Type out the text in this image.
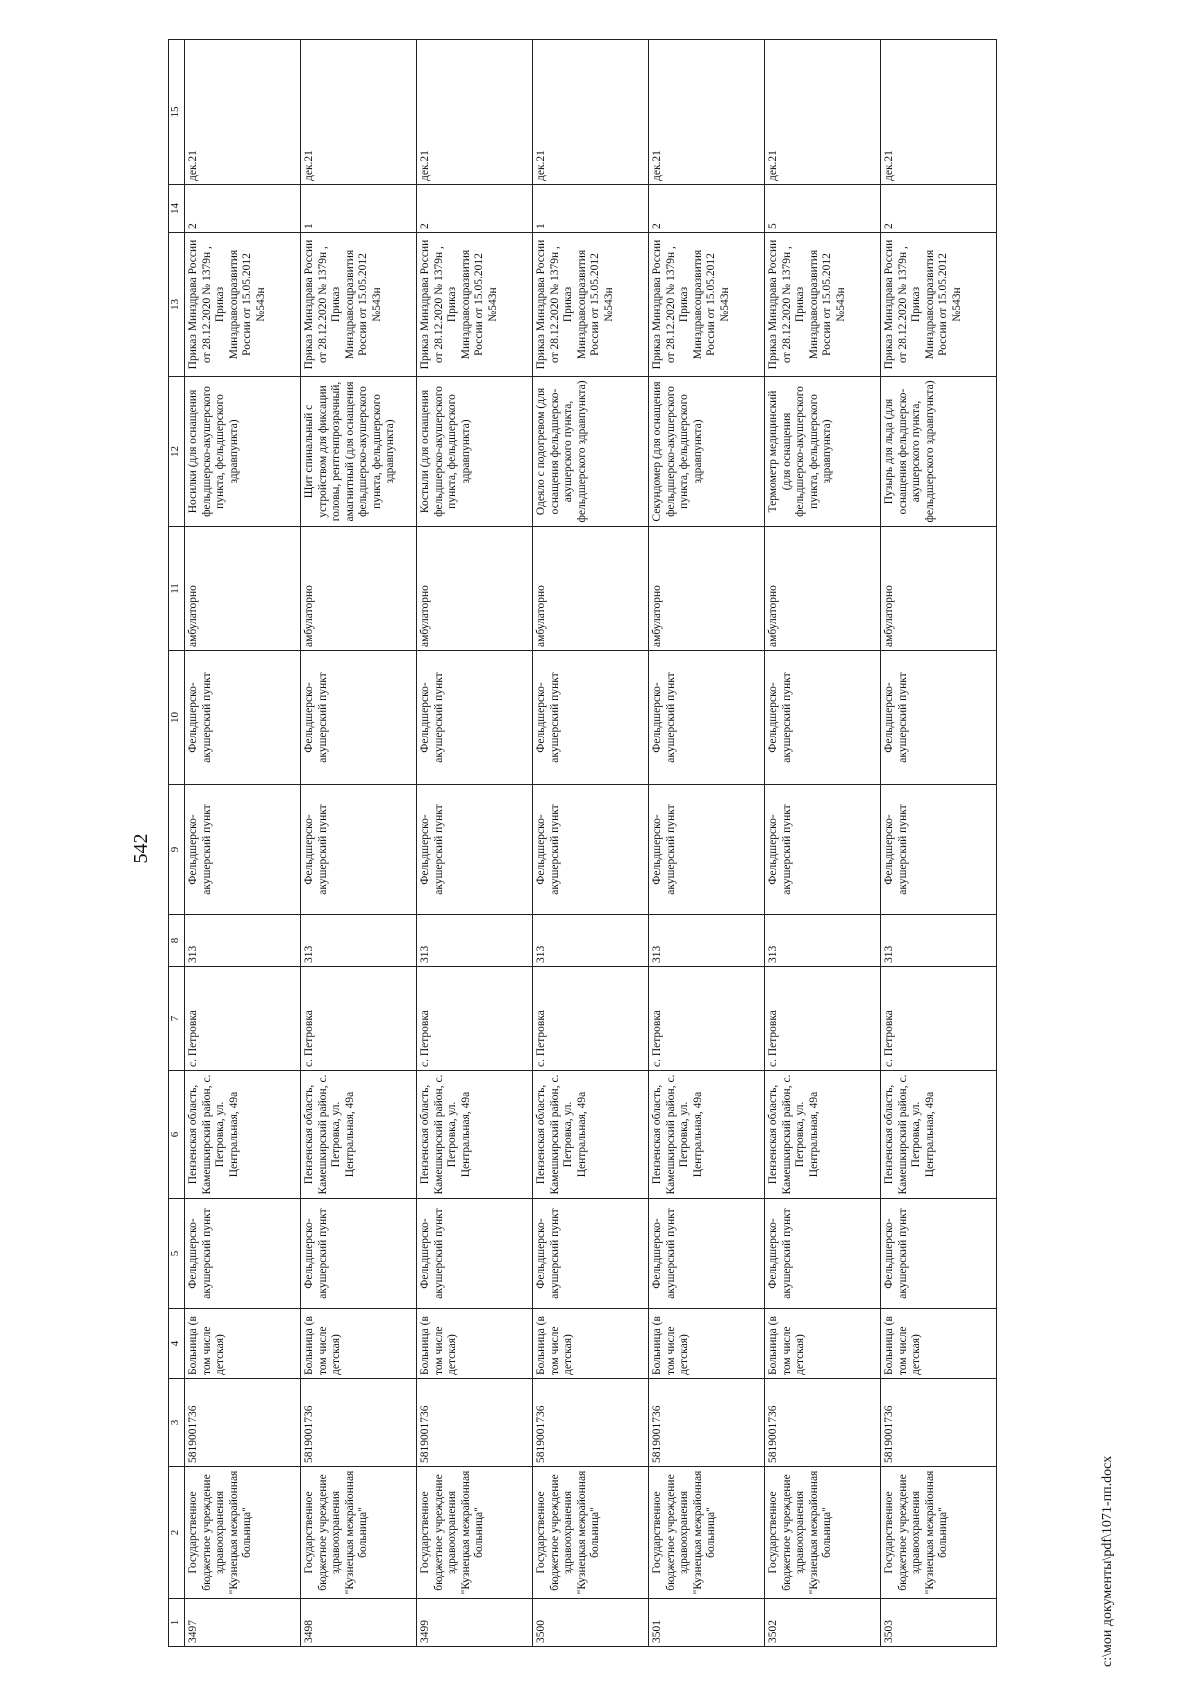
542
1	2	3	4	5	6	7	8	9	10	11	12	13	14	15
3497	Государственное бюджетное учреждение здравоохранения "Кузнецкая межрайонная больница"	5819001736	Больница (в том числе детская)	Фельдшерско-акушерский пункт	Пензенская область, Камешкирский район, с. Петровка, ул. Центральная, 49а	с. Петровка	313	Фельдшерско-акушерский пункт	Фельдшерско-акушерский пункт	амбулаторно	Носилки (для оснащения фельдшерско-акушерского пункта, фельдшерского здравпункта)	Приказ Минздрава России от 28.12.2020 № 1379н , Приказ Минздравсоцразвития России от 15.05.2012 №543н	2	дек.21
3498	Государственное бюджетное учреждение здравоохранения "Кузнецкая межрайонная больница"	5819001736	Больница (в том числе детская)	Фельдшерско-акушерский пункт	Пензенская область, Камешкирский район, с. Петровка, ул. Центральная, 49а	с. Петровка	313	Фельдшерско-акушерский пункт	Фельдшерско-акушерский пункт	амбулаторно	Щит спинальный с устройством для фиксации головы, рентгенпрозрачный, амагнитный (для оснащения фельдшерско-акушерского пункта, фельдшерского здравпункта)	Приказ Минздрава России от 28.12.2020 № 1379н , Приказ Минздравсоцразвития России от 15.05.2012 №543н	1	дек.21
3499	Государственное бюджетное учреждение здравоохранения "Кузнецкая межрайонная больница"	5819001736	Больница (в том числе детская)	Фельдшерско-акушерский пункт	Пензенская область, Камешкирский район, с. Петровка, ул. Центральная, 49а	с. Петровка	313	Фельдшерско-акушерский пункт	Фельдшерско-акушерский пункт	амбулаторно	Костыли (для оснащения фельдшерско-акушерского пункта, фельдшерского здравпункта)	Приказ Минздрава России от 28.12.2020 № 1379н , Приказ Минздравсоцразвития России от 15.05.2012 №543н	2	дек.21
3500	Государственное бюджетное учреждение здравоохранения "Кузнецкая межрайонная больница"	5819001736	Больница (в том числе детская)	Фельдшерско-акушерский пункт	Пензенская область, Камешкирский район, с. Петровка, ул. Центральная, 49а	с. Петровка	313	Фельдшерско-акушерский пункт	Фельдшерско-акушерский пункт	амбулаторно	Одеяло с подогревом (для оснащения фельдшерско-акушерского пункта, фельдшерского здравпункта)	Приказ Минздрава России от 28.12.2020 № 1379н , Приказ Минздравсоцразвития России от 15.05.2012 №543н	1	дек.21
3501	Государственное бюджетное учреждение здравоохранения "Кузнецкая межрайонная больница"	5819001736	Больница (в том числе детская)	Фельдшерско-акушерский пункт	Пензенская область, Камешкирский район, с. Петровка, ул. Центральная, 49а	с. Петровка	313	Фельдшерско-акушерский пункт	Фельдшерско-акушерский пункт	амбулаторно	Секундомер (для оснащения фельдшерско-акушерского пункта, фельдшерского здравпункта)	Приказ Минздрава России от 28.12.2020 № 1379н , Приказ Минздравсоцразвития России от 15.05.2012 №543н	2	дек.21
3502	Государственное бюджетное учреждение здравоохранения "Кузнецкая межрайонная больница"	5819001736	Больница (в том числе детская)	Фельдшерско-акушерский пункт	Пензенская область, Камешкирский район, с. Петровка, ул. Центральная, 49а	с. Петровка	313	Фельдшерско-акушерский пункт	Фельдшерско-акушерский пункт	амбулаторно	Термометр медицинский (для оснащения фельдшерско-акушерского пункта, фельдшерского здравпункта)	Приказ Минздрава России от 28.12.2020 № 1379н , Приказ Минздравсоцразвития России от 15.05.2012 №543н	5	дек.21
3503	Государственное бюджетное учреждение здравоохранения "Кузнецкая межрайонная больница"	5819001736	Больница (в том числе детская)	Фельдшерско-акушерский пункт	Пензенская область, Камешкирский район, с. Петровка, ул. Центральная, 49а	с. Петровка	313	Фельдшерско-акушерский пункт	Фельдшерско-акушерский пункт	амбулаторно	Пузырь для льда (для оснащения фельдшерско-акушерского пункта, фельдшерского здравпункта)	Приказ Минздрава России от 28.12.2020 № 1379н , Приказ Минздравсоцразвития России от 15.05.2012 №543н	2	дек.21
c:\мои документы\pdf\1071-пп.docx
